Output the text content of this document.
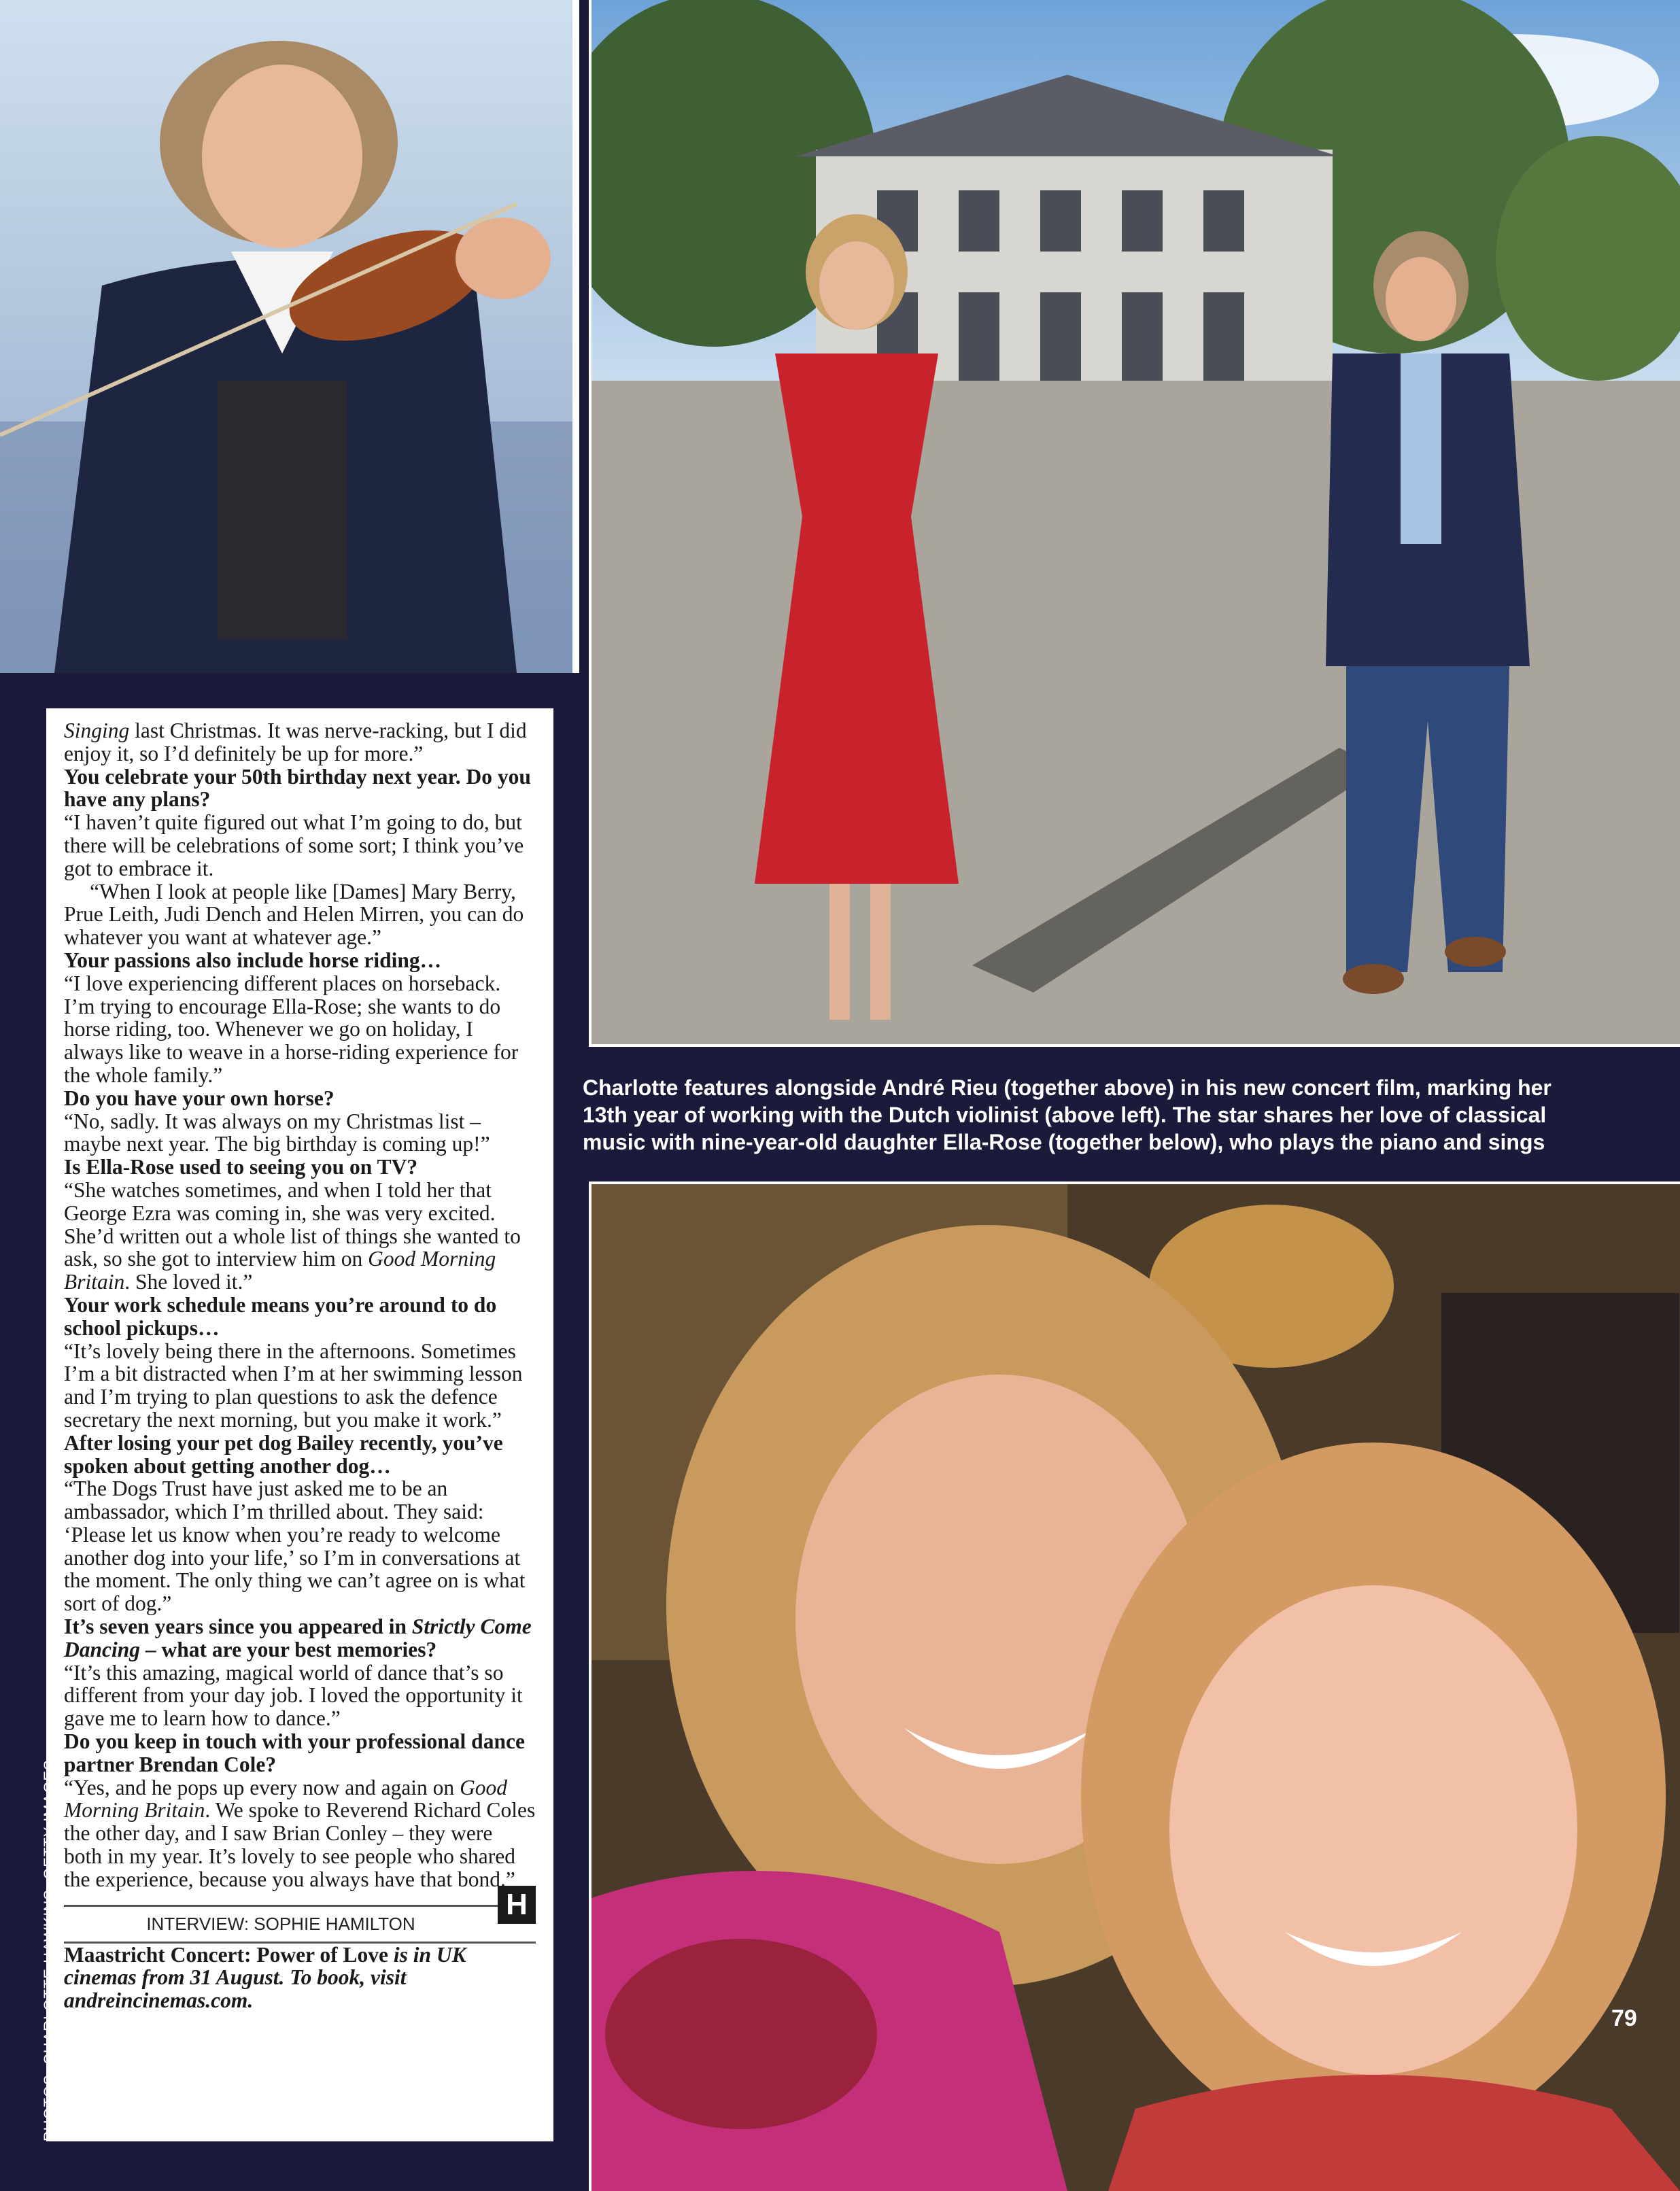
Charlotte features alongside André Rieu (together above) in his new concert film, marking her
13th year of working with the Dutch violinist (above left). The star shares her love of classical
music with nine-year-old daughter Ella-Rose (together below), who plays the piano and sings

Singing last Christmas. It was nerve-racking, but I did enjoy it, so I’d definitely be up for more.”

You celebrate your 50th birthday next year. Do you have any plans?

“I haven’t quite figured out what I’m going to do, but there will be celebrations of some sort; I think you’ve got to embrace it.

“When I look at people like [Dames] Mary Berry, Prue Leith, Judi Dench and Helen Mirren, you can do whatever you want at whatever age.”

Your passions also include horse riding…

“I love experiencing different places on horseback. I’m trying to encourage Ella-Rose; she wants to do horse riding, too. Whenever we go on holiday, I always like to weave in a horse-riding experience for the whole family.”

Do you have your own horse?

“No, sadly. It was always on my Christmas list – maybe next year. The big birthday is coming up!”

Is Ella-Rose used to seeing you on TV?

“She watches sometimes, and when I told her that George Ezra was coming in, she was very excited. She’d written out a whole list of things she wanted to ask, so she got to interview him on Good Morning Britain. She loved it.”

Your work schedule means you’re around to do school pickups…

“It’s lovely being there in the afternoons. Sometimes I’m a bit distracted when I’m at her swimming lesson and I’m trying to plan questions to ask the defence secretary the next morning, but you make it work.”

After losing your pet dog Bailey recently, you’ve spoken about getting another dog…

“The Dogs Trust have just asked me to be an ambassador, which I’m thrilled about. They said: ‘Please let us know when you’re ready to welcome another dog into your life,’ so I’m in conversations at the moment. The only thing we can’t agree on is what sort of dog.”

It’s seven years since you appeared in Strictly Come Dancing – what are your best memories?

“It’s this amazing, magical world of dance that’s so different from your day job. I loved the opportunity it gave me to learn how to dance.”

Do you keep in touch with your professional dance partner Brendan Cole?

“Yes, and he pops up every now and again on Good Morning Britain. We spoke to Reverend Richard Coles the other day, and I saw Brian Conley – they were both in my year. It’s lovely to see people who shared the experience, because you always have that bond.”
H

INTERVIEW: SOPHIE HAMILTON

Maastricht Concert: Power of Love is in UK cinemas from 31 August. To book, visit andreincinemas.com.

PHOTOS: CHARLOTTE HAWKINS, GETTY IMAGES	79
